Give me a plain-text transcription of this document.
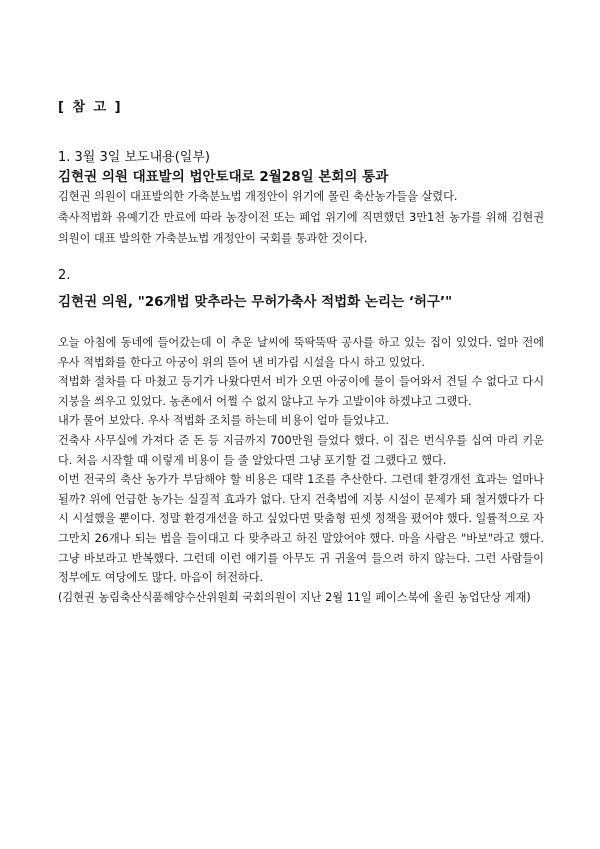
[ 참 고 ]
1. 3월 3일 보도내용(일부)
김현권 의원 대표발의 법안토대로 2월28일 본회의 통과

김현권 의원이 대표발의한 가축분뇨법 개정안이 위기에 몰린 축산농가들을 살렸다.

축사적법화 유예기간 만료에 따라 농장이전 또는 폐업 위기에 직면했던 3만1천 농가를 위해 김현권 의원이 대표 발의한 가축분뇨법 개정안이 국회를 통과한 것이다.

2.
김현권 의원, "26개법 맞추라는 무허가축사 적법화 논리는 ‘허구’"

오늘 아침에 동네에 들어갔는데 이 추운 날씨에 뚝딱뚝딱 공사를 하고 있는 집이 있었다. 얼마 전에 우사 적법화를 한다고 아궁이 위의 뜯어 낸 비가림 시설을 다시 하고 있었다.

적법화 절차를 다 마쳤고 등기가 나왔다면서 비가 오면 아궁이에 물이 들어와서 견딜 수 없다고 다시 지붕을 씌우고 있었다. 농촌에서 어쩔 수 없지 않냐고 누가 고발이야 하겠냐고 그랬다.

내가 물어 보았다. 우사 적법화 조치를 하는데 비용이 얼마 들었냐고.

건축사 사무실에 가져다 준 돈 등 지금까지 700만원 들었다 했다. 이 집은 번식우를 십여 마리 키운다. 처음 시작할 때 이렇게 비용이 들 줄 알았다면 그냥 포기할 걸 그랬다고 했다.

이번 전국의 축산 농가가 부담해야 할 비용은 대략 1조를 추산한다. 그런데 환경개선 효과는 얼마나 될까? 위에 언급한 농가는 실질적 효과가 없다. 단지 건축법에 지붕 시설이 문제가 돼 철거했다가 다시 시설했을 뿐이다. 정말 환경개선을 하고 싶었다면 맞춤형 핀셋 정책을 폈어야 했다. 일률적으로 자그만치 26개나 되는 법을 들이대고 다 맞추라고 하진 말았어야 했다. 마을 사람은 "바보"라고 했다. 그냥 바보라고 반복했다. 그런데 이런 얘기를 아무도 귀 귀울여 들으려 하지 않는다. 그런 사람들이 정부에도 여당에도 많다. 마음이 허전하다.

(김현권 농림축산식품해양수산위원회 국회의원이 지난 2월 11일 페이스북에 올린 농업단상 게재)
